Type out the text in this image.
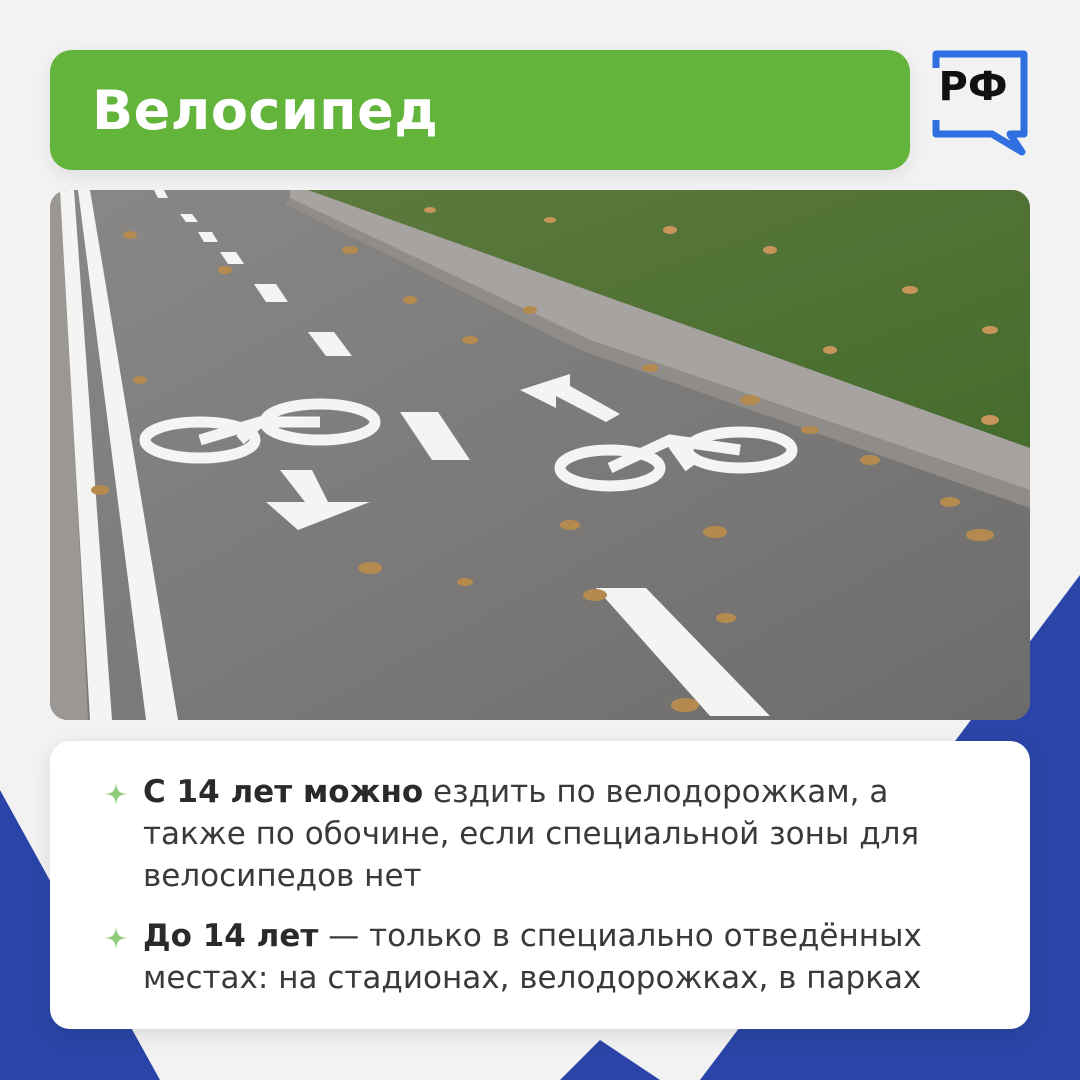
Велосипед	РФ
С 14 лет можно ездить по велодорожкам, а также по обочине, если специальной зоны для велосипедов нет
До 14 лет — только в специально отведённых местах: на стадионах, велодорожках, в парках
